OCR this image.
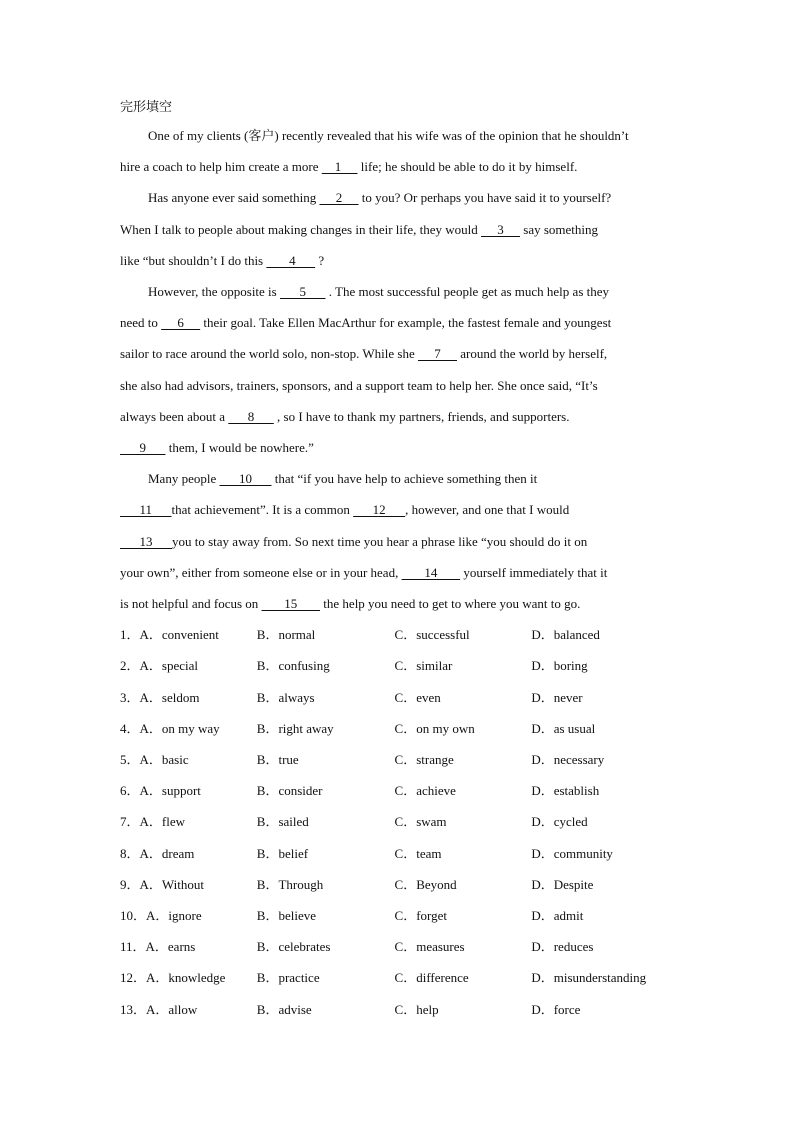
完形填空

One of my clients (客户) recently revealed that his wife was of the opinion that he shouldn’t

hire a coach to help him create a more     1      life; he should be able to do it by himself.

Has anyone ever said something      2      to you? Or perhaps you have said it to yourself?

When I talk to people about making changes in their life, they would      3      say something

like “but shouldn’t I do this        4       ?

However, the opposite is       5       . The most successful people get as much help as they

need to      6      their goal. Take Ellen MacArthur for example, the fastest female and youngest

sailor to race around the world solo, non-stop. While she      7      around the world by herself,

she also had advisors, trainers, sponsors, and a support team to help her. She once said, “It’s

always been about a       8       , so I have to thank my partners, friends, and supporters.

9       them, I would be nowhere.”

Many people       10       that “if you have help to achieve something then it

11      that achievement”. It is a common       12      , however, and one that I would

13      you to stay away from. So next time you hear a phrase like “you should do it on

your own”, either from someone else or in your head,        14        yourself immediately that it

is not helpful and focus on        15        the help you need to get to where you want to go.

1．A．convenient	B．normal	C．successful	D．balanced
2．A．special	B．confusing	C．similar	D．boring
3．A．seldom	B．always	C．even	D．never
4．A．on my way	B．right away	C．on my own	D．as usual
5．A．basic	B．true	C．strange	D．necessary
6．A．support	B．consider	C．achieve	D．establish
7．A．flew	B．sailed	C．swam	D．cycled
8．A．dream	B．belief	C．team	D．community
9．A．Without	B．Through	C．Beyond	D．Despite
10．A．ignore	B．believe	C．forget	D．admit
11．A．earns	B．celebrates	C．measures	D．reduces
12．A．knowledge	B．practice	C．difference	D．misunderstanding
13．A．allow	B．advise	C．help	D．force
